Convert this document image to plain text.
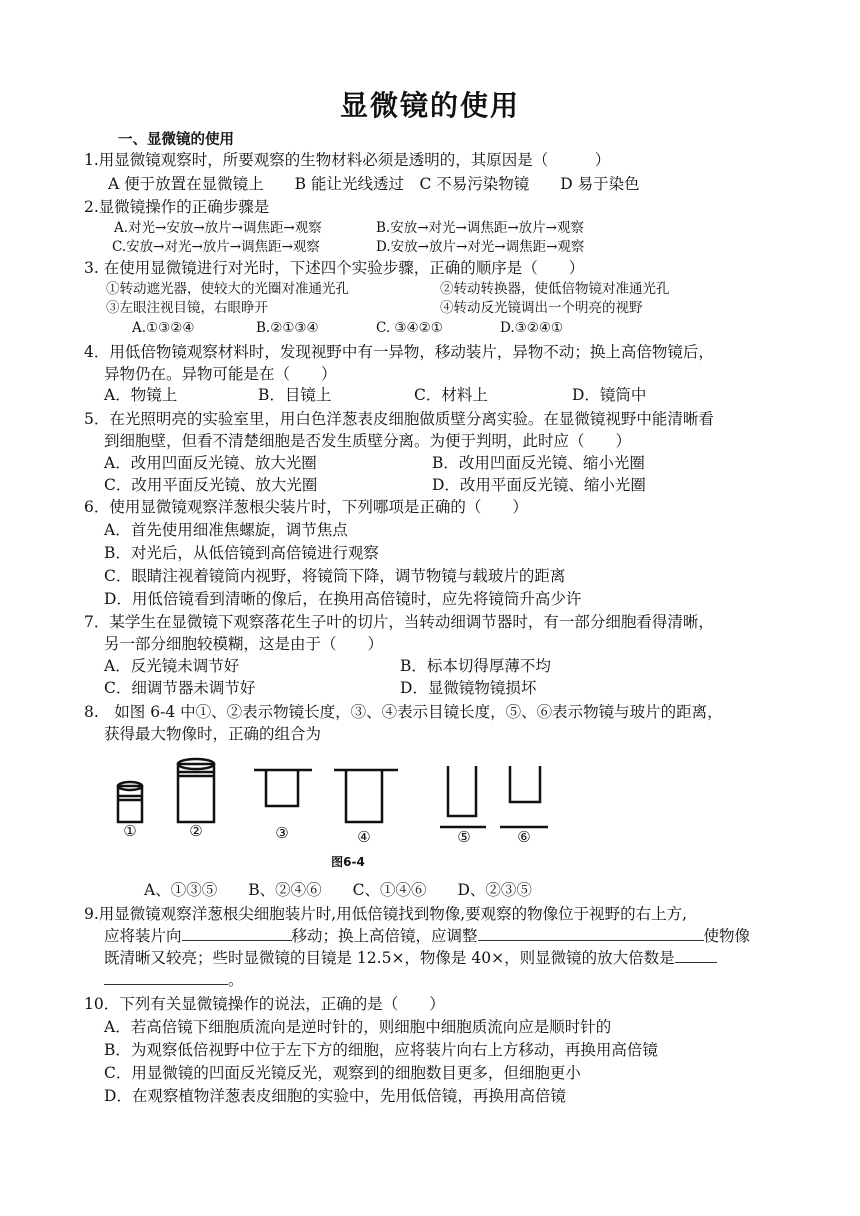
显微镜的使用
一、显微镜的使用
1.用显微镜观察时，所要观察的生物材料必须是透明的，其原因是（　　　）
A 便于放置在显微镜上　　B 能让光线透过　C 不易污染物镜　　D 易于染色
2.显微镜操作的正确步骤是
A.对光→安放→放片→调焦距→观察	B.安放→对光→调焦距→放片→观察
C.安放→对光→放片→调焦距→观察	D.安放→放片→对光→调焦距→观察
3. 在使用显微镜进行对光时，下述四个实验步骤，正确的顺序是（　　）
①转动遮光器，使较大的光圈对准通光孔	②转动转换器，使低倍物镜对准通光孔
③左眼注视目镜，右眼睁开	④转动反光镜调出一个明亮的视野
A.①③②④	B.②①③④	C. ③④②①	D.③②④①
4．用低倍物镜观察材料时，发现视野中有一异物，移动装片，异物不动；换上高倍物镜后，
异物仍在。异物可能是在（　　）
A．物镜上	B．目镜上	C．材料上	D．镜筒中
5．在光照明亮的实验室里，用白色洋葱表皮细胞做质壁分离实验。在显微镜视野中能清晰看
到细胞壁，但看不清楚细胞是否发生质壁分离。为便于判明，此时应（　　）
A．改用凹面反光镜、放大光圈	B．改用凹面反光镜、缩小光圈
C．改用平面反光镜、放大光圈	D．改用平面反光镜、缩小光圈
6．使用显微镜观察洋葱根尖装片时，下列哪项是正确的（　　）
A．首先使用细准焦螺旋，调节焦点
B．对光后，从低倍镜到高倍镜进行观察
C．眼睛注视着镜筒内视野，将镜筒下降，调节物镜与载玻片的距离
D．用低倍镜看到清晰的像后，在换用高倍镜时，应先将镜筒升高少许
7．某学生在显微镜下观察落花生子叶的切片，当转动细调节器时，有一部分细胞看得清晰，
另一部分细胞较模糊，这是由于（　　）
A．反光镜未调节好	B．标本切得厚薄不均
C．细调节器未调节好	D．显微镜物镜损坏
8.　如图 6-4 中①、②表示物镜长度，③、④表示目镜长度，⑤、⑥表示物镜与玻片的距离，
获得最大物像时，正确的组合为
①	②	③	④	⑤	⑥
图6-4
A、①③⑤　　B、②④⑥　　C、①④⑥　　D、②③⑤
9.用显微镜观察洋葱根尖细胞装片时,用低倍镜找到物像,要观察的物像位于视野的右上方,
应将装片向	移动；换上高倍镜，应调整	使物像
既清晰又较亮；些时显微镜的目镜是 12.5×，物像是 40×，则显微镜的放大倍数是
。
10．下列有关显微镜操作的说法，正确的是（　　）
A．若高倍镜下细胞质流向是逆时针的，则细胞中细胞质流向应是顺时针的
B．为观察低倍视野中位于左下方的细胞，应将装片向右上方移动，再换用高倍镜
C．用显微镜的凹面反光镜反光，观察到的细胞数目更多，但细胞更小
D．在观察植物洋葱表皮细胞的实验中，先用低倍镜，再换用高倍镜
